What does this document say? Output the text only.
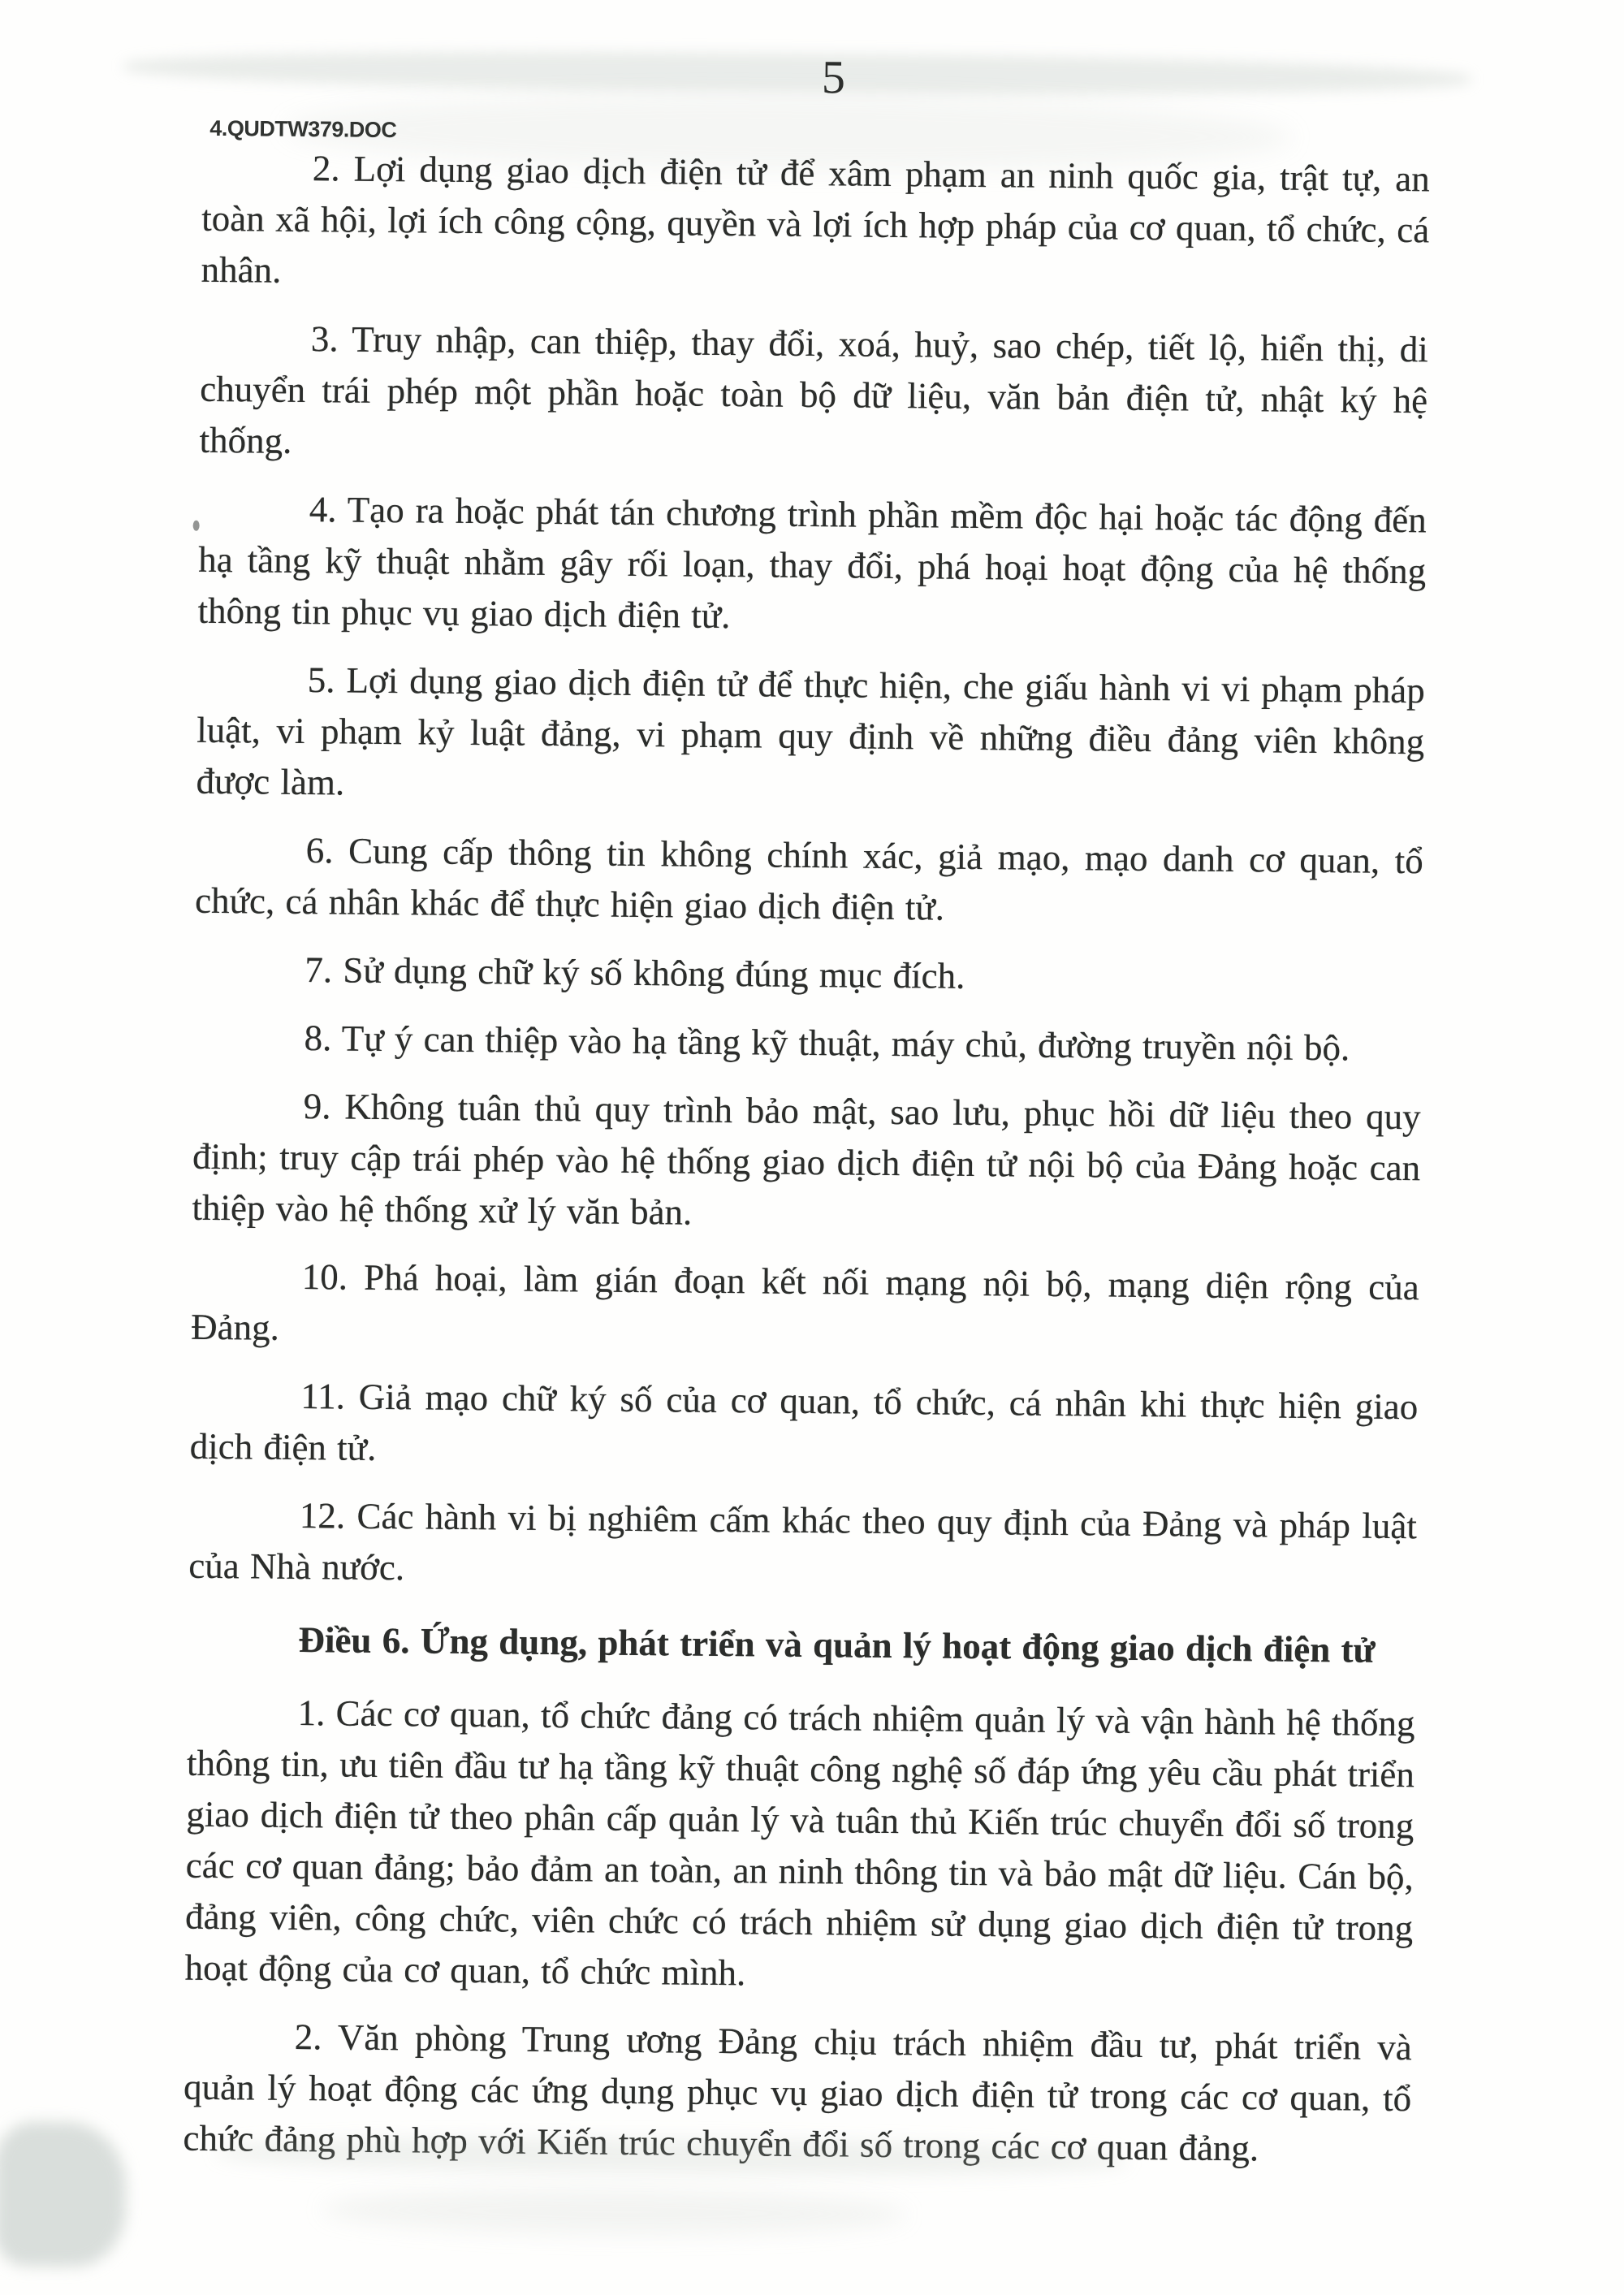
4.QUDTW379.DOC
5

2. Lợi dụng giao dịch điện tử để xâm phạm an ninh quốc gia, trật tự, an toàn xã hội, lợi ích công cộng, quyền và lợi ích hợp pháp của cơ quan, tổ chức, cá nhân.

3. Truy nhập, can thiệp, thay đổi, xoá, huỷ, sao chép, tiết lộ, hiển thị, di chuyển trái phép một phần hoặc toàn bộ dữ liệu, văn bản điện tử, nhật ký hệ thống.

4. Tạo ra hoặc phát tán chương trình phần mềm độc hại hoặc tác động đến hạ tầng kỹ thuật nhằm gây rối loạn, thay đổi, phá hoại hoạt động của hệ thống thông tin phục vụ giao dịch điện tử.

5. Lợi dụng giao dịch điện tử để thực hiện, che giấu hành vi vi phạm pháp luật, vi phạm kỷ luật đảng, vi phạm quy định về những điều đảng viên không được làm.

6. Cung cấp thông tin không chính xác, giả mạo, mạo danh cơ quan, tổ chức, cá nhân khác để thực hiện giao dịch điện tử.

7. Sử dụng chữ ký số không đúng mục đích.

8. Tự ý can thiệp vào hạ tầng kỹ thuật, máy chủ, đường truyền nội bộ.

9. Không tuân thủ quy trình bảo mật, sao lưu, phục hồi dữ liệu theo quy định; truy cập trái phép vào hệ thống giao dịch điện tử nội bộ của Đảng hoặc can thiệp vào hệ thống xử lý văn bản.

10. Phá hoại, làm gián đoạn kết nối mạng nội bộ, mạng diện rộng của Đảng.

11. Giả mạo chữ ký số của cơ quan, tổ chức, cá nhân khi thực hiện giao dịch điện tử.

12. Các hành vi bị nghiêm cấm khác theo quy định của Đảng và pháp luật của Nhà nước.

Điều 6. Ứng dụng, phát triển và quản lý hoạt động giao dịch điện tử

1. Các cơ quan, tổ chức đảng có trách nhiệm quản lý và vận hành hệ thống thông tin, ưu tiên đầu tư hạ tầng kỹ thuật công nghệ số đáp ứng yêu cầu phát triển giao dịch điện tử theo phân cấp quản lý và tuân thủ Kiến trúc chuyển đổi số trong các cơ quan đảng; bảo đảm an toàn, an ninh thông tin và bảo mật dữ liệu. Cán bộ, đảng viên, công chức, viên chức có trách nhiệm sử dụng giao dịch điện tử trong hoạt động của cơ quan, tổ chức mình.

2. Văn phòng Trung ương Đảng chịu trách nhiệm đầu tư, phát triển và quản lý hoạt động các ứng dụng phục vụ giao dịch điện tử trong các cơ quan, tổ chức đảng phù hợp với Kiến trúc chuyển đổi số trong các cơ quan đảng.
